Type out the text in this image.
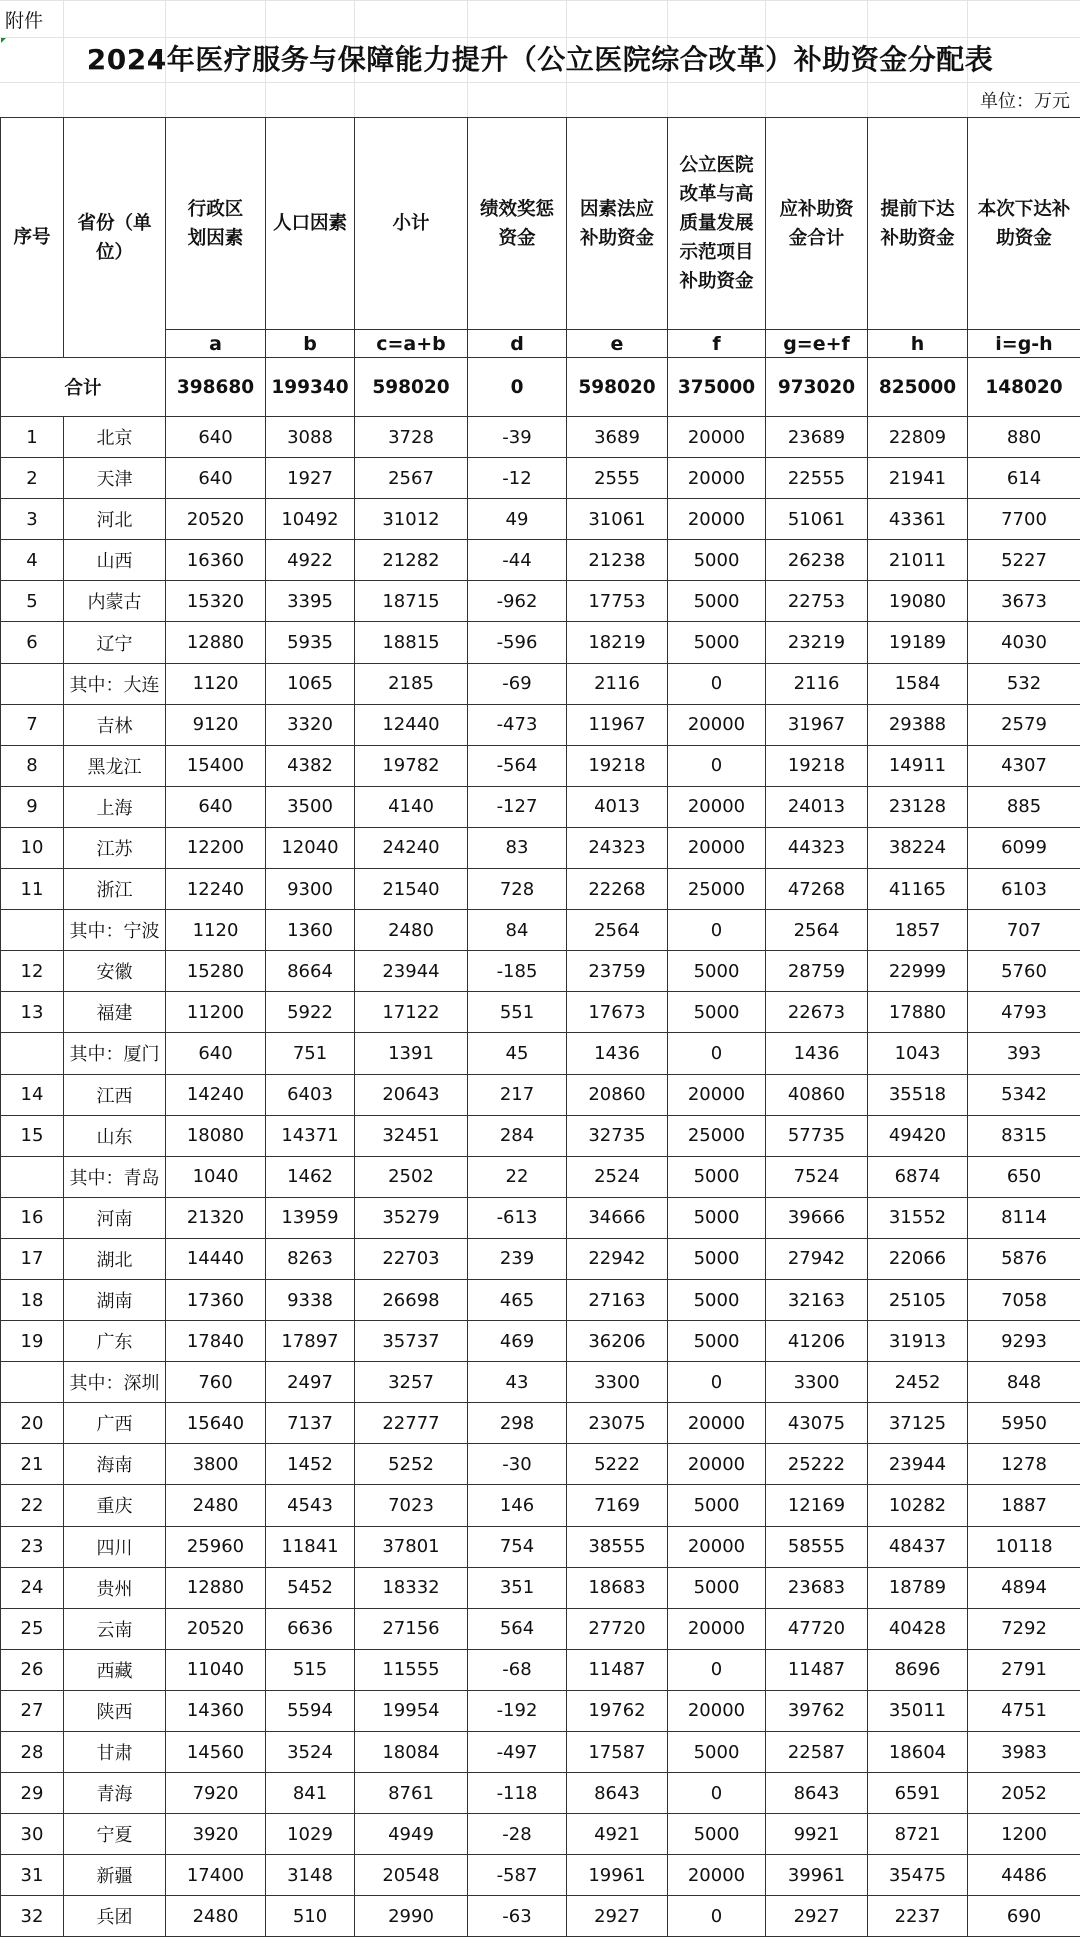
附件
2024年医疗服务与保障能力提升（公立医院综合改革）补助资金分配表
单位：万元
序号	省份（单位）	行政区划因素	人口因素	小计	绩效奖惩资金	因素法应补助资金	公立医院改革与高质量发展示范项目补助资金	应补助资金合计	提前下达补助资金	本次下达补助资金

		a	b	c=a+b	d	e	f	g=e+f	h	i=g-h
合计		398680	199340	598020	0	598020	375000	973020	825000	148020
1	北京	640	3088	3728	-39	3689	20000	23689	22809	880
2	天津	640	1927	2567	-12	2555	20000	22555	21941	614
3	河北	20520	10492	31012	49	31061	20000	51061	43361	7700
4	山西	16360	4922	21282	-44	21238	5000	26238	21011	5227
5	内蒙古	15320	3395	18715	-962	17753	5000	22753	19080	3673
6	辽宁	12880	5935	18815	-596	18219	5000	23219	19189	4030
	其中：大连	1120	1065	2185	-69	2116	0	2116	1584	532
7	吉林	9120	3320	12440	-473	11967	20000	31967	29388	2579
8	黑龙江	15400	4382	19782	-564	19218	0	19218	14911	4307
9	上海	640	3500	4140	-127	4013	20000	24013	23128	885
10	江苏	12200	12040	24240	83	24323	20000	44323	38224	6099
11	浙江	12240	9300	21540	728	22268	25000	47268	41165	6103
	其中：宁波	1120	1360	2480	84	2564	0	2564	1857	707
12	安徽	15280	8664	23944	-185	23759	5000	28759	22999	5760
13	福建	11200	5922	17122	551	17673	5000	22673	17880	4793
	其中：厦门	640	751	1391	45	1436	0	1436	1043	393
14	江西	14240	6403	20643	217	20860	20000	40860	35518	5342
15	山东	18080	14371	32451	284	32735	25000	57735	49420	8315
	其中：青岛	1040	1462	2502	22	2524	5000	7524	6874	650
16	河南	21320	13959	35279	-613	34666	5000	39666	31552	8114
17	湖北	14440	8263	22703	239	22942	5000	27942	22066	5876
18	湖南	17360	9338	26698	465	27163	5000	32163	25105	7058
19	广东	17840	17897	35737	469	36206	5000	41206	31913	9293
	其中：深圳	760	2497	3257	43	3300	0	3300	2452	848
20	广西	15640	7137	22777	298	23075	20000	43075	37125	5950
21	海南	3800	1452	5252	-30	5222	20000	25222	23944	1278
22	重庆	2480	4543	7023	146	7169	5000	12169	10282	1887
23	四川	25960	11841	37801	754	38555	20000	58555	48437	10118
24	贵州	12880	5452	18332	351	18683	5000	23683	18789	4894
25	云南	20520	6636	27156	564	27720	20000	47720	40428	7292
26	西藏	11040	515	11555	-68	11487	0	11487	8696	2791
27	陕西	14360	5594	19954	-192	19762	20000	39762	35011	4751
28	甘肃	14560	3524	18084	-497	17587	5000	22587	18604	3983
29	青海	7920	841	8761	-118	8643	0	8643	6591	2052
30	宁夏	3920	1029	4949	-28	4921	5000	9921	8721	1200
31	新疆	17400	3148	20548	-587	19961	20000	39961	35475	4486
32	兵团	2480	510	2990	-63	2927	0	2927	2237	690
